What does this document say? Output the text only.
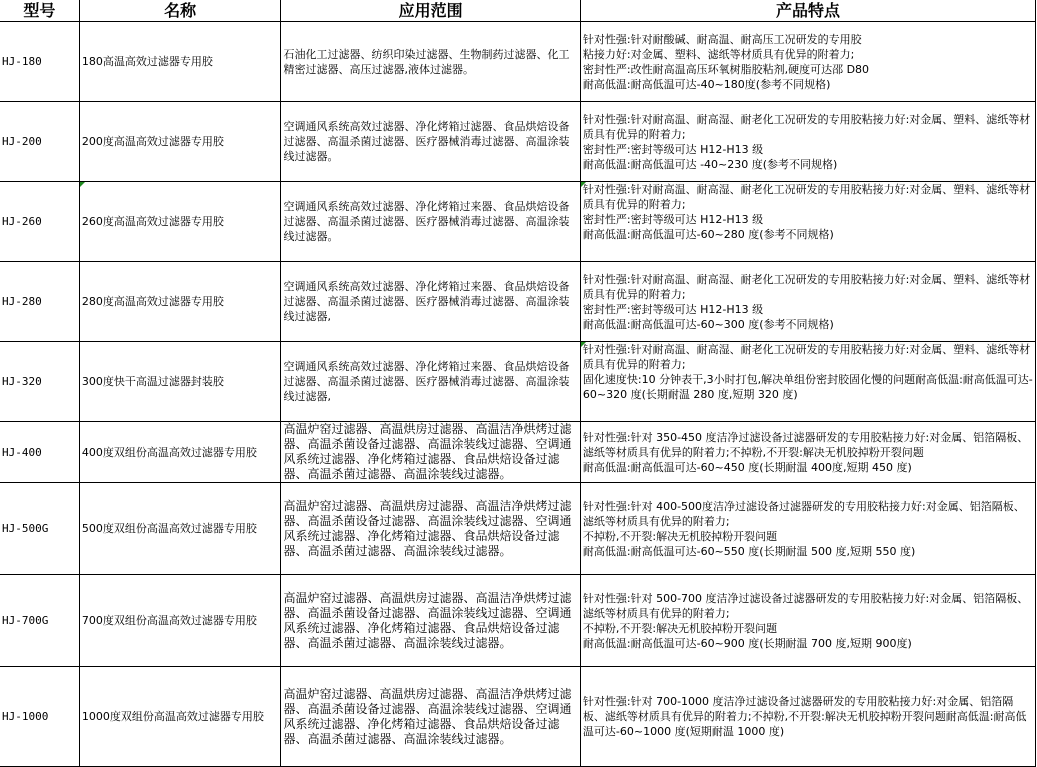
型号	名称	应用范围	产品特点
HJ-180	180高温高效过滤器专用胶	石油化工过滤器、纺织印染过滤器、生物制药过滤器、化工精密过滤器、高压过滤器,液体过滤器。	针对性强:针对耐酸碱、耐高温、耐高压工况研发的专用胶
粘接力好:对金属、塑料、滤纸等材质具有优异的附着力;
密封性严:改性耐高温高压环氧树脂胶粘剂,硬度可达邵 D80
耐高低温:耐高低温可达-40~180度(参考不同规格)

HJ-200	200度高温高效过滤器专用胶	空调通风系统高效过滤器、净化烤箱过滤器、食品烘焙设备过滤器、高温杀菌过滤器、医疗器械消毒过滤器、高温涂装线过滤器。	针对性强:针对耐高温、耐高湿、耐老化工况研发的专用胶粘接力好:对金属、塑料、滤纸等材质具有优异的附着力;
密封性严:密封等级可达 H12-H13 级
耐高低温:耐高低温可达 -40~230 度(参考不同规格)

HJ-260	260度高温高效过滤器专用胶	空调通风系统高效过滤器、净化烤箱过来器、食品烘焙设备过滤器、高温杀菌过滤器、医疗器械消毒过滤器、高温涂装线过滤器。	针对性强:针对耐高温、耐高湿、耐老化工况研发的专用胶粘接力好:对金属、塑料、滤纸等材质具有优异的附着力;
密封性严:密封等级可达 H12-H13 级
耐高低温:耐高低温可达-60~280 度(参考不同规格)

HJ-280	280度高温高效过滤器专用胶	空调通风系统高效过滤器、净化烤箱过来器、食品烘焙设备过滤器、高温杀菌过滤器、医疗器械消毒过滤器、高温涂装线过滤器,	针对性强:针对耐高温、耐高湿、耐老化工况研发的专用胶粘接力好:对金属、塑料、滤纸等材质具有优异的附着力;
密封性严:密封等级可达 H12-H13 级
耐高低温:耐高低温可达-60~300 度(参考不同规格)

HJ-320	300度快干高温过滤器封装胶	空调通风系统高效过滤器、净化烤箱过来器、食品烘焙设备过滤器、高温杀菌过滤器、医疗器械消毒过滤器、高温涂装线过滤器,	针对性强:针对耐高温、耐高湿、耐老化工况研发的专用胶粘接力好:对金属、塑料、滤纸等材质具有优异的附着力;
固化速度快:10 分钟表干,3小时打包,解决单组份密封胶固化慢的问题耐高低温:耐高低温可达-60~320 度(长期耐温 280 度,短期 320 度)

HJ-400	400度双组份高温高效过滤器专用胶	高温炉窑过滤器、高温烘房过滤器、高温洁净烘烤过滤器、高温杀菌设备过滤器、高温涂装线过滤器、空调通风系统过滤器、净化烤箱过滤器、食品烘焙设备过滤器、高温杀菌过滤器、高温涂装线过滤器。	针对性强:针对 350-450 度洁净过滤设备过滤器研发的专用胶粘接力好:对金属、铝箔隔板、滤纸等材质具有优异的附着力;不掉粉,不开裂:解决无机胶掉粉开裂问题
耐高低温:耐高低温可达-60~450 度(长期耐温 400度,短期 450 度)

HJ-500G	500度双组份高温高效过滤器专用胶	高温炉窑过滤器、高温烘房过滤器、高温洁净烘烤过滤器、高温杀菌设备过滤器、高温涂装线过滤器、空调通风系统过滤器、净化烤箱过滤器、食品烘焙设备过滤器、高温杀菌过滤器、高温涂装线过滤器。	针对性强:针对 400-500度洁净过滤设备过滤器研发的专用胶粘接力好:对金属、铝箔隔板、滤纸等材质具有优异的附着力;
不掉粉,不开裂:解决无机胶掉粉开裂问题
耐高低温:耐高低温可达-60~550 度(长期耐温 500 度,短期 550 度)

HJ-700G	700度双组份高温高效过滤器专用胶	高温炉窑过滤器、高温烘房过滤器、高温洁净烘烤过滤器、高温杀菌设备过滤器、高温涂装线过滤器、空调通风系统过滤器、净化烤箱过滤器、食品烘焙设备过滤器、高温杀菌过滤器、高温涂装线过滤器。	针对性强:针对 500-700 度洁净过滤设备过滤器研发的专用胶粘接力好:对金属、铝箔隔板、滤纸等材质具有优异的附着力;
不掉粉,不开裂:解决无机胶掉粉开裂问题
耐高低温:耐高低温可达-60~900 度(长期耐温 700 度,短期 900度)

HJ-1000	1000度双组份高温高效过滤器专用胶	高温炉窑过滤器、高温烘房过滤器、高温洁净烘烤过滤器、高温杀菌设备过滤器、高温涂装线过滤器、空调通风系统过滤器、净化烤箱过滤器、食品烘焙设备过滤器、高温杀菌过滤器、高温涂装线过滤器。	针对性强:针对 700-1000 度洁净过滤设备过滤器研发的专用胶粘接力好:对金属、铝箔隔板、滤纸等材质具有优异的附着力;不掉粉,不开裂:解决无机胶掉粉开裂问题耐高低温:耐高低温可达-60~1000 度(短期耐温 1000 度)
